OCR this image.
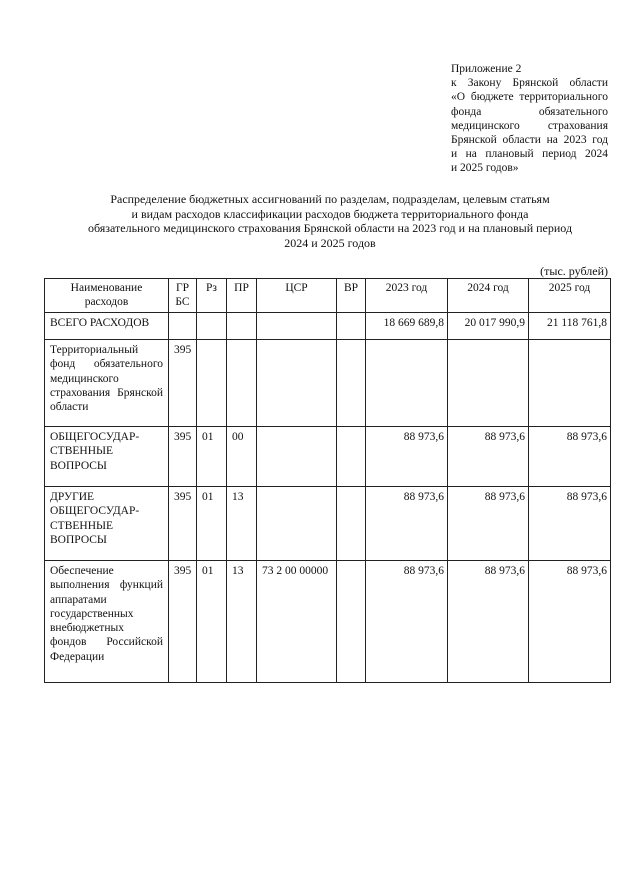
Приложение 2
к Закону Брянской области
«О бюджете территориального
фонда обязательного
медицинского страхования
Брянской области на 2023 год
и на плановый период 2024
и 2025 годов»
Распределение бюджетных ассигнований по разделам, подразделам, целевым статьям
и видам расходов классификации расходов бюджета территориального фонда
обязательного медицинского страхования Брянской области на 2023 год и на плановый период
2024 и 2025 годов
(тыс. рублей)
Наименование расходов	ГР БС	Рз	ПР	ЦСР	ВР	2023 год	2024 год	2025 год
ВСЕГО РАСХОДОВ						18 669 689,8	20 017 990,9	21 118 761,8
Территориальный фонд обязательного медицинского страхования Брянской области	395							
ОБЩЕГОСУДАР-СТВЕННЫЕ ВОПРОСЫ	395	01	00			88 973,6	88 973,6	88 973,6
ДРУГИЕ ОБЩЕГОСУДАР-СТВЕННЫЕ ВОПРОСЫ	395	01	13			88 973,6	88 973,6	88 973,6
Обеспечение выполнения функций аппаратами государственных внебюджетных фондов Российской Федерации	395	01	13	73 2 00 00000		88 973,6	88 973,6	88 973,6
